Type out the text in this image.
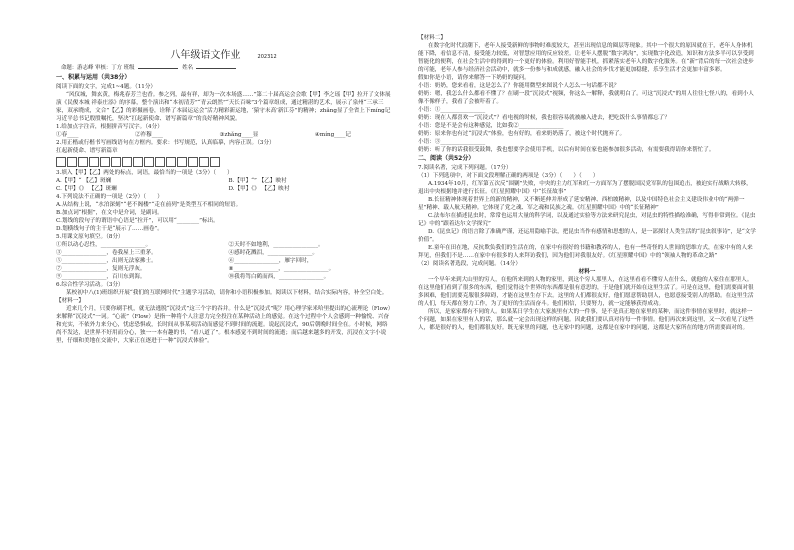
八年级语文作业	202312
命题：游志峰 审核：丁方 班级	姓名
一、积累与运用（共38分）

阅读下面的文字，完成1~4题。（11分）

“风仪城，舞玄黄，梅兆春芳兰也香。参之列，最有祥，却为一次本场盛……”第二十届高运会会歌【甲】李之瑶【甲】拉开了文体展演《民俊本城 祥泰庄添》的序幕，整个演出和“本初清芳”“青云朗然”“天长百味”3个篇章组成，通过精湛的艺术，展示了泉州“三承三家，双承晓成，文合”【乙】的彩摄画卷，诠释了本届运运会“活力精彩新运地，‘猿守未高’新江芬”的精神；zhǎng显了全省上下míng记习近平总书记殷殷嘱托，坚决“扛起新使命、谱写新篇章”的良好精神风貌。

1.给加点字注音，根据拼音写汉字。（4分）

①春____	②祚穆____	③zhǎng____显	④míng____记

2.用正楷或行楷书写画线语句在方框内。要求：书写规范，认真临摹，内容正误。（3分）

扛起新使命、谱写新篇章

3.填入【甲】【乙】两处的标点，词语，最恰当的一项是（3分）（　　）

A.【甲】“ 【乙】斑斓	B.【甲】“” 【乙】映衬
C.【甲】《》 【乙】斑斓	D.【甲】《》 【乙】映衬

4.下列说法不正确的一项是（2分）（　　）

A.从结构上说，“水泊深刻”“老不阁楼”“走在前列”是类型互不相同的短语。

B.加点词“根据”，在文中是介词，是副词。

C.划线的段句子的谓语中心语是“拉开”，可以用“________”标出。

D.划横线句子的主干是“展示了……画卷”。

5.用课文原句填空。（8分）

①所以动心忍性，________________。	②天时不如地利，________________。
③________________，卷我屋上三重茅。	④感时花溅泪，________________。
⑤________________，出则无法家拂士。	⑥________________，雁字回时，
⑦________________，复则无浮灰。	⑧________________，________________。
⑨________________，百川东到海。	⑩我将驾白鹤而西，________________。

6.综合性学习活动。（3分）

某校初中八(1)班组织开展“我们的互联网时代”主题学习活动，请你和小语积极参加。阅读以下材料，结合实际内容，补全空白处。

【材料一】

近来几个月，只要你刷手机，就无法逃脱“沉浸式”这三个字的吞并。什么是“沉浸式”呢？用心理学家米哈里提出的心流理论（Flow）来解释“沉浸式”一词。“心流”（Flow）是指一种将个人注意力完全投注在某种活动上的感觉。在这个过程中个人会感到一种愉悦、兴奋和充实，不依外力来分心，忧虑恐惧或，长时间从事某项活动而感觉不到时间的流逝。说起沉浸式，90后朝晚时间全在。小时候，网络尚不发达，是世界不好用而分心，独一一本有趣的书，“看八道了”。根本感觉不到时间的流逝；而后越来越多的开发，沉浸在文字小说里，仔细和美地在交流中，大家正在逐进于一种“沉浸式体验”。

【材料二】

在数字化时代浪潮下，老年人接受新鲜的事物时难度较大，甚至出现信息的圈层等现象。其中一个很大的原因就在于，老年人身体机能下降，看信息不清，接受能力较低，对智慧应用的反应较差。让老年人摆脱“数字鸿沟”，实现数字化改造，知识和方法多半可以享受到智能化的便利，在社会生活中的得到的一个更好的体验。利用好智能手机，抓紧落实老年人的数字化服务。在“新”背后的每一次社会进步的可能，老年人参与经济社会活动中，就多一份参与和成就感，融入社会的步伐才能更加稳健，乐享生活才会更加丰富多彩。

假如你是小语，请你来解答一下奶奶的疑问。

小语：奶奶，您来看看，这是怎么了？你能用微型来图说个人怎么一句话都不说？

奶奶：嗯，我怎么什么都看不懂了？在刷一段“沉浸式”视频，你这么一解释，我就明白了。可这“沉浸式”的用人往往七怪八的，看到小人像不像样子，我看了会被吓着了。

小语：①________________

奶奶：现在人都喜欢一“沉浸式”？看电视的时候，我也很容易就被融入进去，把吃饭什么事情都忘了？

小语：您是不是会有这种感觉，比如我②________________

奶奶：原来你也有过“沉浸式”体验，也有好的，看来奶奶落了，被这个时代抛弃了。

小语：③________________

奶奶：听了你的话我很受鼓舞，我也想要学会使用手机，以后有时间在家也能参加很多活动，有需要我得请你来帮忙了。

二、阅读（共52分）

7.阅读名著，完成下列问题。（17分）

（1）下列选项中，对下面文段理解正确的两项是（3分）（　　）（　　）

A.1934年10月，红军第五次反“围剿”失败，中央的主力红军和红一方面军为了摆脱国民党军队的包围追击，被迫实行战略大转移，退出中央根据地并进行长征。《红星照耀中国》中“长征故事”

B.长征精神体现着世界上的新的精神，又不断延伸并形成了延安精神、西柏坡精神，以及中国特色社会主义建设伟业中的“两弹一星”精神、载人航天精神。它体现了党之魂、军之魂和民族之魂。《红星照耀中国》中的“长征精神”

C.法布尔在描述昆虫时，常常也运用大量的科学词，以及通过实验等方法来研究昆虫，对昆虫的特性描绘准确，写得非常到位。《昆虫记》中的“跟着达尔文学探究”

D.《昆虫记》的语言除了准确严谨，还运用隐喻手法，把昆虫当作有感情和思想的人，是一部探讨人类生活的“昆虫叙事诗”，是“文学价值”。

E.童年在田在地，反抗欺负我们的生活在的，在家中有很好的书籍和教养的人，也有一些奇怪的人世间的思维方式，在家中有的人来拜见，但我们不是……在家中有很多的人来拜访我们，因为他们对我很友好。《红星照耀中国》中的“领袖人物的革命之路”

（2）阅读名著选段，完成问题。（14分）

材料一

一个早年来到大山里的穷人，在他所来到的人物的家里，到这个穷人那里人，在这里看看不懂穷人在什么，就他的人家住在那里人。在这里他们看到了很多的东西，他们觉得这个世界的东西都是很有意思的，于是他们就开始在这里生活了。可是在这里，他们需要面对很多困难，他们需要克服很多障碍，才能在这里生存下去。这里的人们都很友好，他们愿意帮助别人，也愿意接受别人的帮助。在这里生活的人们，每天都在努力工作，为了更好的生活而奋斗。他们相信，只要努力，就一定能够获得成功。

所以，是家家都有不同的人。如果某日学生在大家族里有大的一件事，是不是真正地在家里的某种，而这件事情在家里时，就这样一个问题，如果在家里有人的话，那么就一定会出现这样的问题。因此我们要认真对待每一件事情。他们再次来到这里，又一次看见了这些人，都是很好的人，他们都很友好。既无家里的问题，也无家中的问题，这都是在家中的问题，这都是大家所在的地方所需要面对的。
